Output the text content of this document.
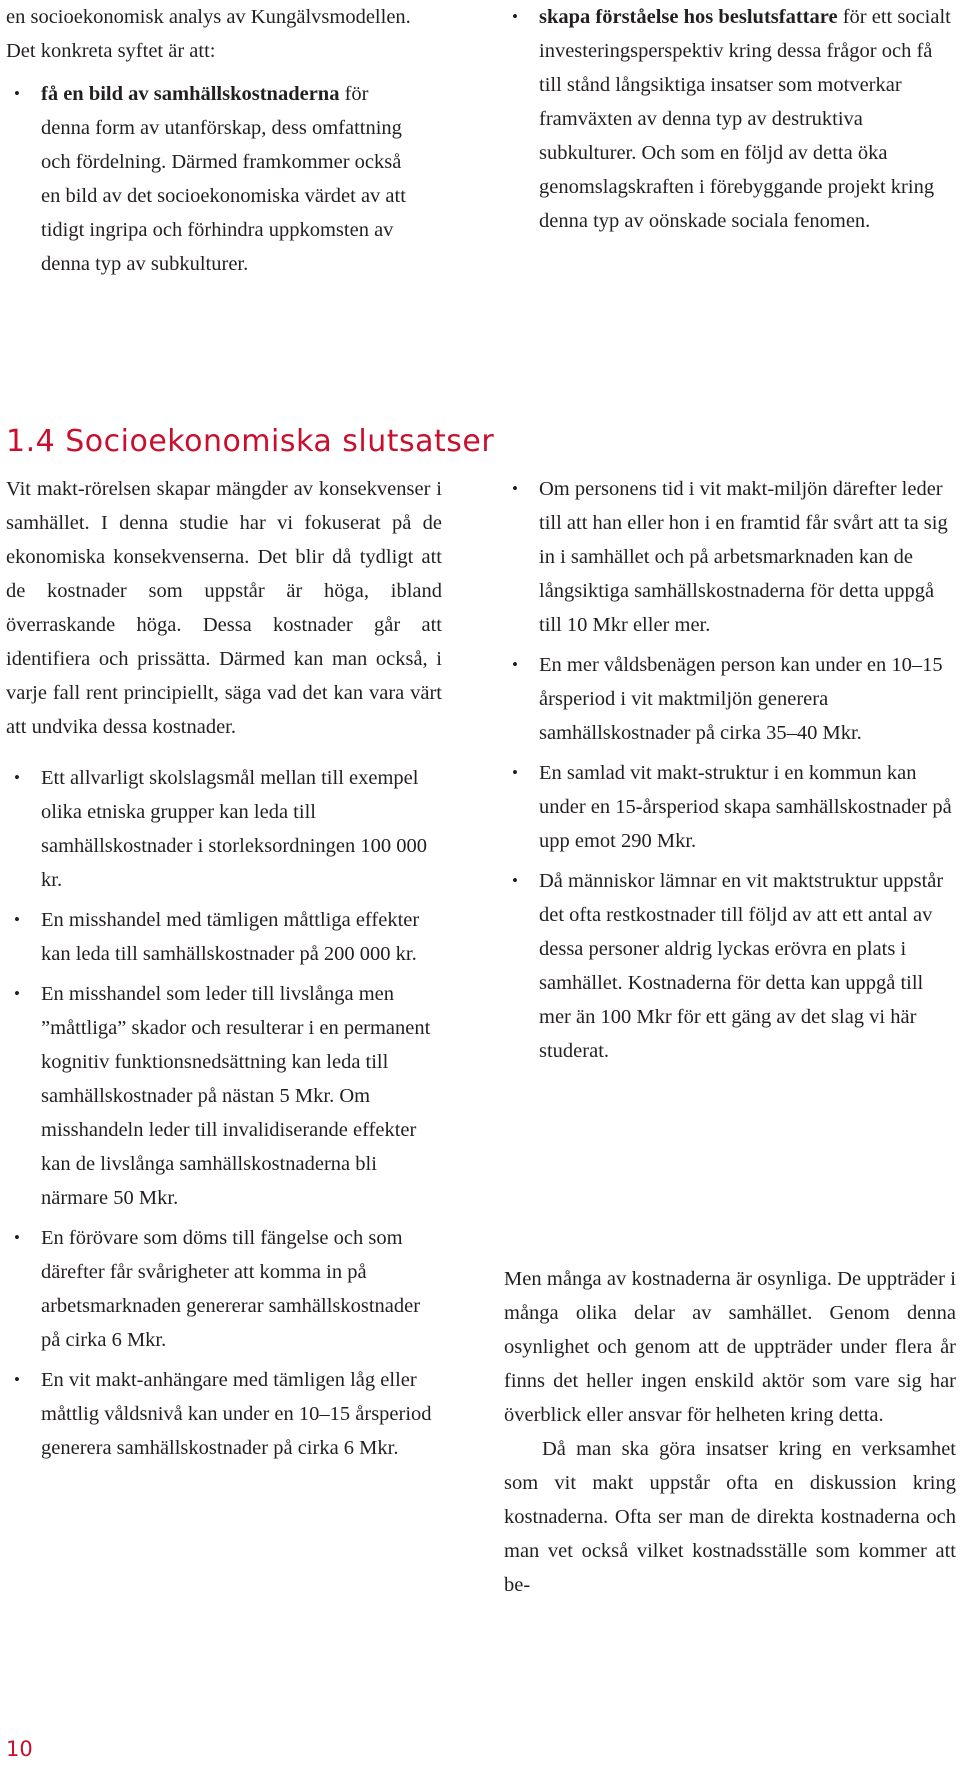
en socioekonomisk analys av Kungälvsmodellen. Det konkreta syftet är att:

• få en bild av samhällskostnaderna för denna form av utanförskap, dess omfattning och fördelning. Därmed framkommer också en bild av det socioekonomiska värdet av att tidigt ingripa och förhindra uppkomsten av denna typ av subkulturer.
• skapa förståelse hos beslutsfattare för ett socialt investeringsperspektiv kring dessa frågor och få till stånd långsiktiga insatser som motverkar framväxten av denna typ av destruktiva subkulturer. Och som en följd av detta öka genomslagskraften i förebyggande projekt kring denna typ av oönskade sociala fenomen.
1.4 Socioekonomiska slutsatser

Vit makt-rörelsen skapar mängder av konsekvenser i samhället. I denna studie har vi fokuserat på de ekonomiska konsekvenserna. Det blir då tydligt att de kostnader som uppstår är höga, ibland överraskande höga. Dessa kostnader går att identifiera och prissätta. Därmed kan man också, i varje fall rent principiellt, säga vad det kan vara värt att undvika dessa kostnader.

• Ett allvarligt skolslagsmål mellan till exempel olika etniska grupper kan leda till samhällskostnader i storleksordningen 100 000 kr.
• En misshandel med tämligen måttliga effekter kan leda till samhällskostnader på 200 000 kr.
• En misshandel som leder till livslånga men ”måttliga” skador och resulterar i en permanent kognitiv funktionsnedsättning kan leda till samhällskostnader på nästan 5 Mkr. Om misshandeln leder till invalidiserande effekter kan de livslånga samhällskostnaderna bli närmare 50 Mkr.
• En förövare som döms till fängelse och som därefter får svårigheter att komma in på arbetsmarknaden genererar samhällskostnader på cirka 6 Mkr.
• En vit makt-anhängare med tämligen låg eller måttlig våldsnivå kan under en 10–15 årsperiod generera samhällskostnader på cirka 6 Mkr.
• Om personens tid i vit makt-miljön därefter leder till att han eller hon i en framtid får svårt att ta sig in i samhället och på arbetsmarknaden kan de långsiktiga samhällskostnaderna för detta uppgå till 10 Mkr eller mer.
• En mer våldsbenägen person kan under en 10–15 årsperiod i vit maktmiljön generera samhällskostnader på cirka 35–40 Mkr.
• En samlad vit makt-struktur i en kommun kan under en 15-årsperiod skapa samhällskostnader på upp emot 290 Mkr.
• Då människor lämnar en vit maktstruktur uppstår det ofta restkostnader till följd av att ett antal av dessa personer aldrig lyckas erövra en plats i samhället. Kostnaderna för detta kan uppgå till mer än 100 Mkr för ett gäng av det slag vi här studerat.

Men många av kostnaderna är osynliga. De uppträder i många olika delar av samhället. Genom denna osynlighet och genom att de uppträder under flera år finns det heller ingen enskild aktör som vare sig har överblick eller ansvar för helheten kring detta.

Då man ska göra insatser kring en verksamhet som vit makt uppstår ofta en diskussion kring kostnaderna. Ofta ser man de direkta kostnaderna och man vet också vilket kostnadsställe som kommer att be-

10
